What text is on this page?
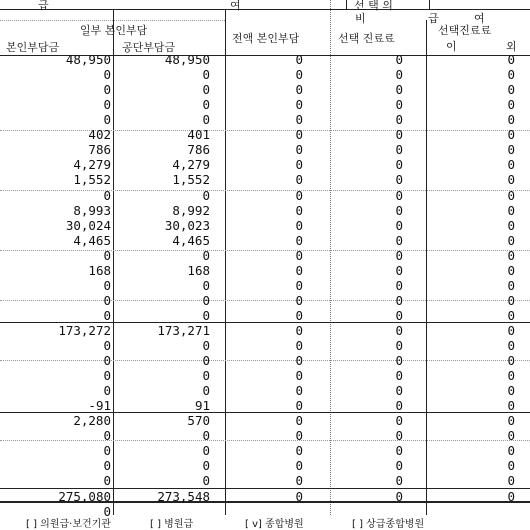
급	여	선 택 의
비	급	여
일부 본인부담
본인부담금	공단부담금
전액 본인부담	선택 진료료
선택진료료
이	외
48,950	48,950	0	0	0
0	0	0	0	0
0	0	0	0	0
0	0	0	0	0
0	0	0	0	0
402	401	0	0	0
786	786	0	0	0
4,279	4,279	0	0	0
1,552	1,552	0	0	0
0	0	0	0	0
8,993	8,992	0	0	0
30,024	30,023	0	0	0
4,465	4,465	0	0	0
0	0	0	0	0
168	168	0	0	0
0	0	0	0	0
0	0	0	0	0
0	0	0	0	0
173,272	173,271	0	0	0
0	0	0	0	0
0	0	0	0	0
0	0	0	0	0
0	0	0	0	0
-91	91	0	0	0
2,280	570	0	0	0
0	0	0	0	0
0	0	0	0	0
0	0	0	0	0
0	0	0	0	0
275,080	273,548	0	0	0
0
[ ] 의원급·보건기관	[ ] 병원급	[ v] 종합병원	[ ] 상급종합병원
